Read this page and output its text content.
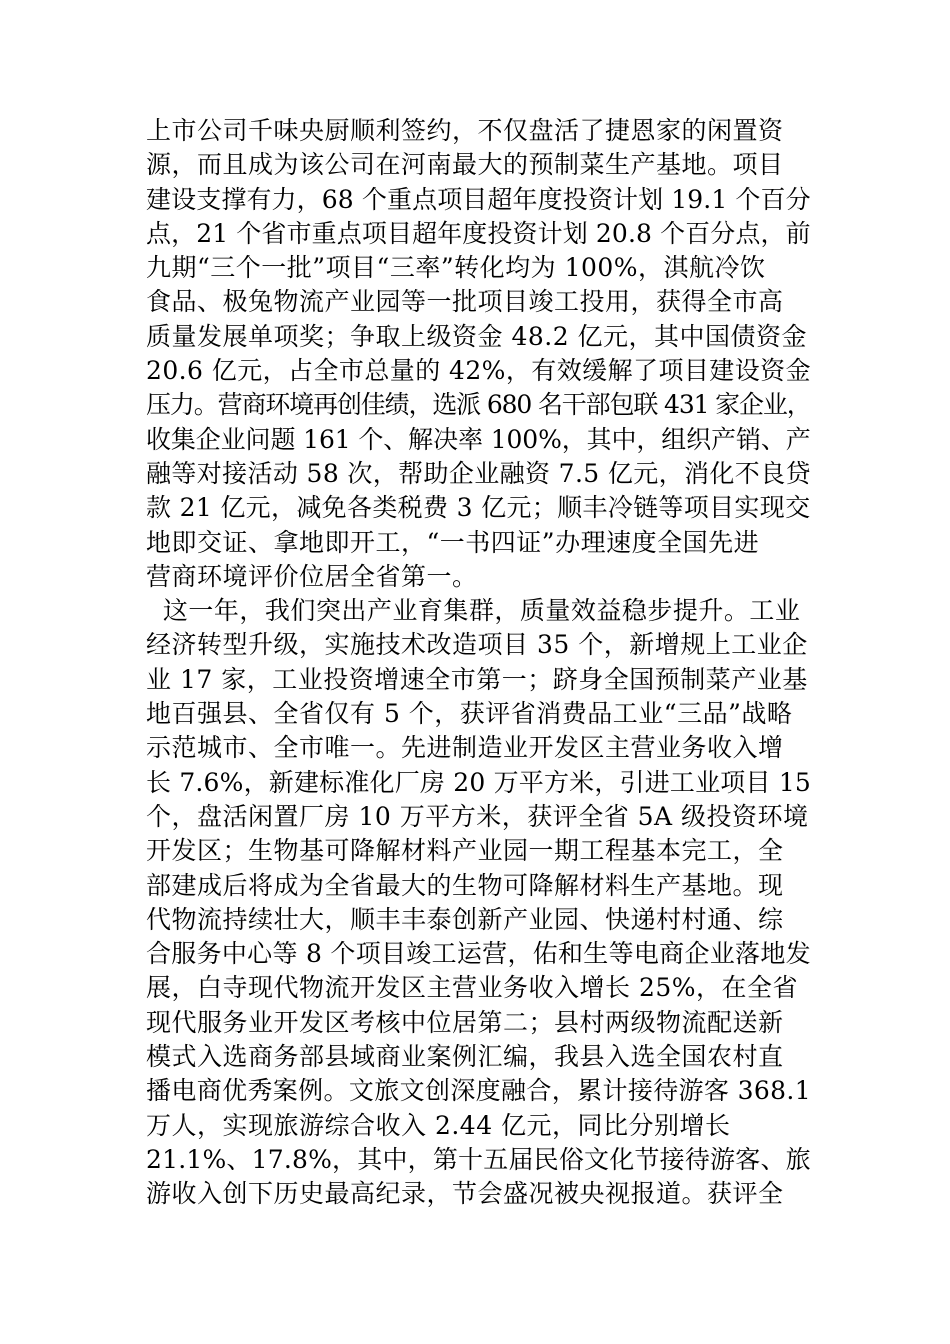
上市公司千味央厨顺利签约，不仅盘活了捷恩家的闲置资
源，而且成为该公司在河南最大的预制菜生产基地。项目
建设支撑有力，68 个重点项目超年度投资计划 19.1 个百分
点，21 个省市重点项目超年度投资计划 20.8 个百分点，前
九期“三个一批”项目“三率”转化均为 100%，淇航冷饮
食品、极兔物流产业园等一批项目竣工投用，获得全市高
质量发展单项奖；争取上级资金 48.2 亿元，其中国债资金
20.6 亿元，占全市总量的 42%，有效缓解了项目建设资金
压力。营商环境再创佳绩，选派 680 名干部包联 431 家企业，
收集企业问题 161 个、解决率 100%，其中，组织产销、产
融等对接活动 58 次，帮助企业融资 7.5 亿元，消化不良贷
款 21 亿元，减免各类税费 3 亿元；顺丰冷链等项目实现交
地即交证、拿地即开工，“一书四证”办理速度全国先进
营商环境评价位居全省第一。
这一年，我们突出产业育集群，质量效益稳步提升。工业
经济转型升级，实施技术改造项目 35 个，新增规上工业企
业 17 家，工业投资增速全市第一；跻身全国预制菜产业基
地百强县、全省仅有 5 个，获评省消费品工业“三品”战略
示范城市、全市唯一。先进制造业开发区主营业务收入增
长 7.6%，新建标准化厂房 20 万平方米，引进工业项目 15
个，盘活闲置厂房 10 万平方米，获评全省 5A 级投资环境
开发区；生物基可降解材料产业园一期工程基本完工，全
部建成后将成为全省最大的生物可降解材料生产基地。现
代物流持续壮大，顺丰丰泰创新产业园、快递村村通、综
合服务中心等 8 个项目竣工运营，佑和生等电商企业落地发
展，白寺现代物流开发区主营业务收入增长 25%，在全省
现代服务业开发区考核中位居第二；县村两级物流配送新
模式入选商务部县域商业案例汇编，我县入选全国农村直
播电商优秀案例。文旅文创深度融合，累计接待游客 368.1
万人，实现旅游综合收入 2.44 亿元，同比分别增长
21.1%、17.8%，其中，第十五届民俗文化节接待游客、旅
游收入创下历史最高纪录，节会盛况被央视报道。获评全
